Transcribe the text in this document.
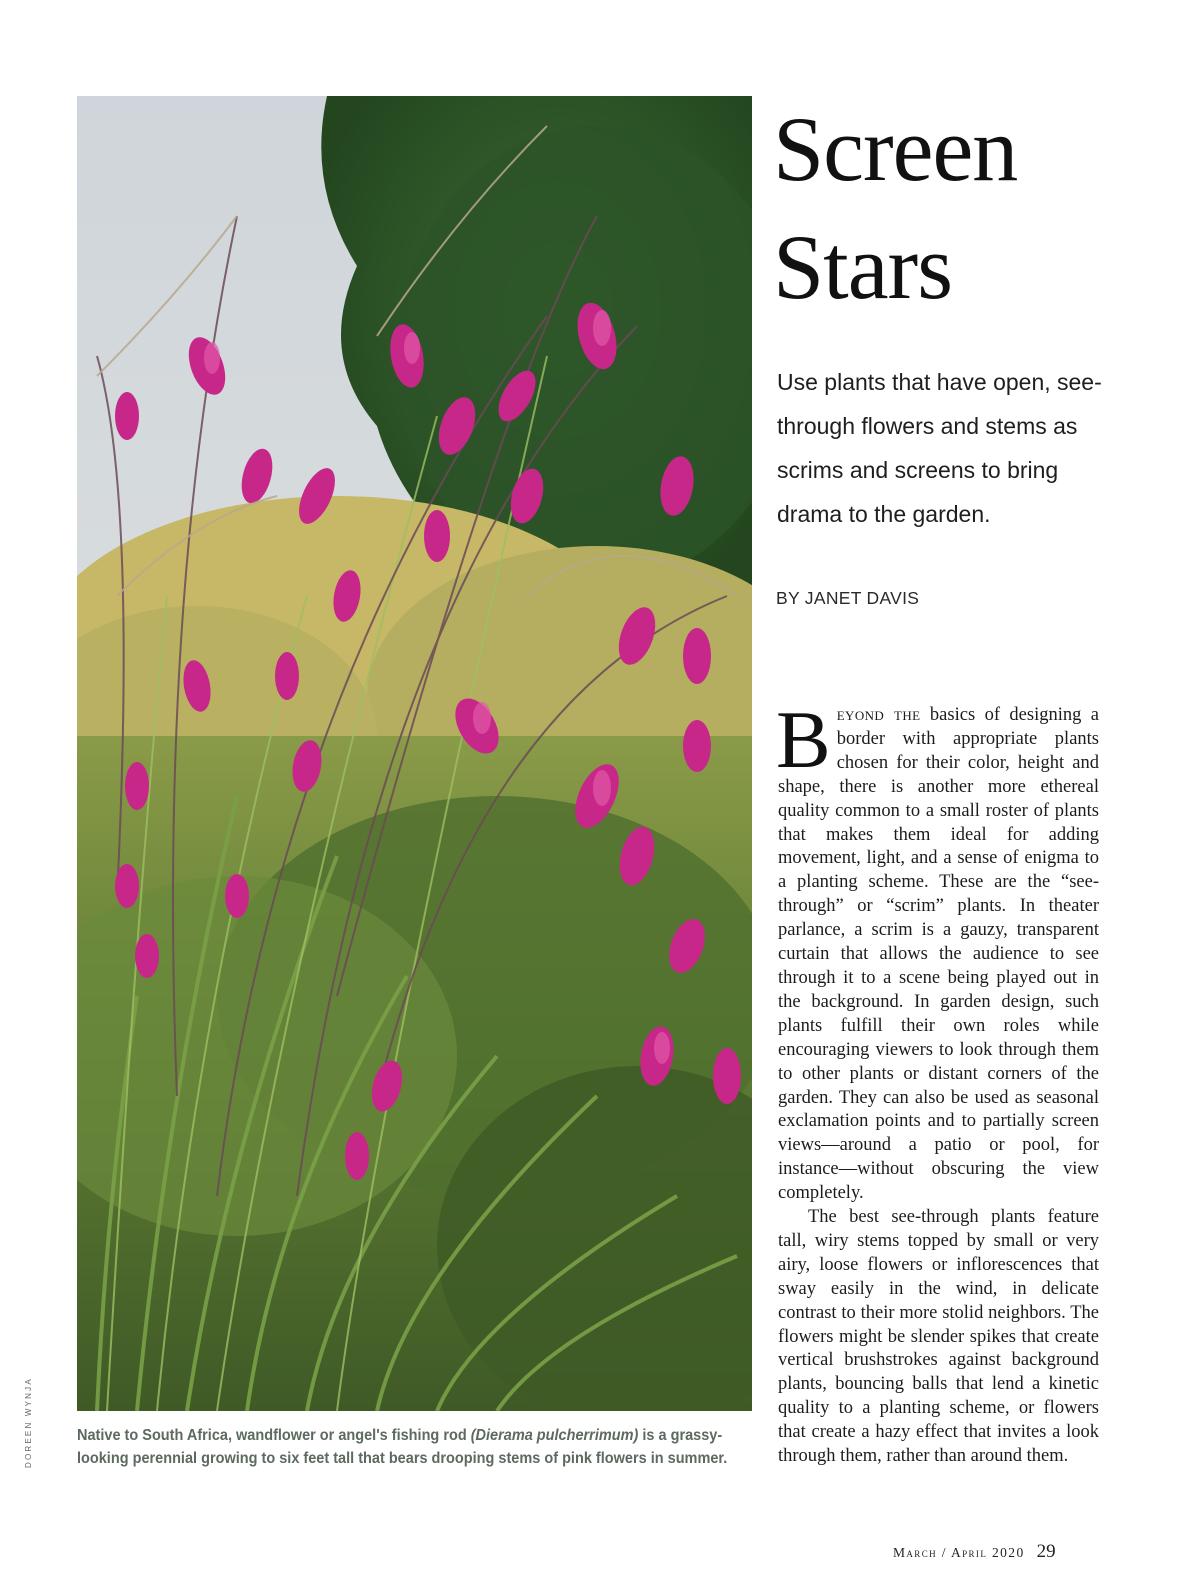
DOREEN WYNJA	Native to South Africa, wandflower or angel's fishing rod (Dierama pulcherrimum) is a grassy-looking perennial growing to six feet tall that bears drooping stems of pink flowers in summer.
Screen
Stars

Use plants that have open, see-through flowers and stems as scrims and screens to bring drama to the garden.

BY JANET DAVIS

Beyond the basics of designing a border with appropriate plants chosen for their color, height and shape, there is another more ethereal quality common to a small roster of plants that makes them ideal for adding movement, light, and a sense of enigma to a planting scheme. These are the “see-through” or “scrim” plants. In theater parlance, a scrim is a gauzy, transparent curtain that allows the audience to see through it to a scene being played out in the background. In garden design, such plants fulfill their own roles while encouraging viewers to look through them to other plants or distant corners of the garden. They can also be used as seasonal exclamation points and to partially screen views—around a patio or pool, for instance—without obscuring the view completely.

The best see-through plants feature tall, wiry stems topped by small or very airy, loose flowers or inflorescences that sway easily in the wind, in delicate contrast to their more stolid neighbors. The flowers might be slender spikes that create vertical brushstrokes against background plants, bouncing balls that lend a kinetic quality to a planting scheme, or flowers that create a hazy effect that invites a look through them, rather than around them.

March / April 2020 29
